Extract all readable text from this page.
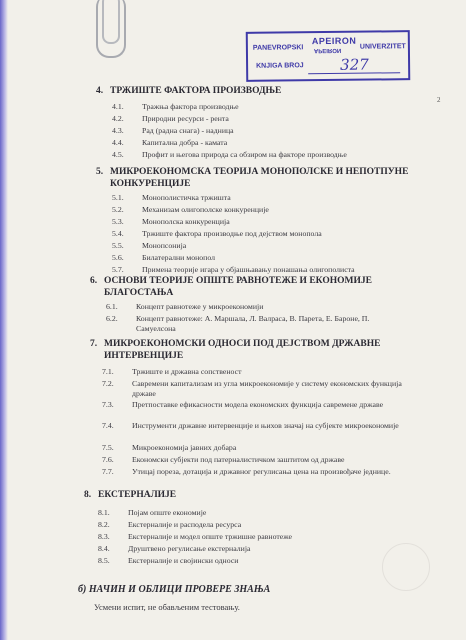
PANEVROPSKI
APEIRON
APEIRON	UNIVERZITET
KNJIGA BROJ 327
2
4. ТРЖИШТЕ ФАКТОРА ПРОИЗВОДЊЕ
4.1. Тражња фактора производње
4.2. Природни ресурси - рента
4.3. Рад (радна снага) - надница
4.4. Капитална добра - камата
4.5. Профит и његова природа са обзиром на факторе производње
5. МИКРОЕКОНОМСКА ТЕОРИЈА МОНОПОЛСКЕ И НЕПОТПУНЕ КОНКУРЕНЦИЈЕ
5.1. Монополистичка тржишта
5.2. Механизам олигополске конкуренције
5.3. Монополска конкуренција
5.4. Тржиште фактора производње под дејством монопола
5.5. Монопсонија
5.6. Билатерални монопол
5.7. Примена теорије игара у објашњавању понашања олигополиста
6. ОСНОВИ ТЕОРИЈЕ ОПШТЕ РАВНОТЕЖЕ И ЕКОНОМИЈЕ БЛАГОСТАЊА
6.1. Концепт равнотеже у микроекономији
6.2. Концепт равнотеже: А. Маршала, Л. Валраса, В. Парета, Е. Бароне, П. Самуелсона
7. МИКРОЕКОНОМСКИ ОДНОСИ ПОД ДЕЈСТВОМ ДРЖАВНЕ ИНТЕРВЕНЦИЈЕ
7.1. Тржиште и државна сопственост
7.2. Савремени капитализам из угла микроекономије у систему економских функција државе
7.3. Претпоставке ефикасности модела економских функција савремене државе
7.4. Инструменти државне интервенције и њихов значај на субјекте микроекономије
7.5. Микроекономија јавних добара
7.6. Економски субјекти под патерналистичком заштитом од државе
7.7. Утицај пореза, дотација и државног регулисања цена на произвођаче једнице.
8. ЕКСТЕРНАЛИЈЕ
8.1. Појам опште економије
8.2. Екстерналије и расподела ресурса
8.3. Екстерналије и модел опште тржишне равнотеже
8.4. Друштвено регулисање екстерналија
8.5. Екстерналије и својински односи
б) НАЧИН И ОБЛИЦИ ПРОВЕРЕ ЗНАЊА
Усмени испит, не обављеним тестовању.
